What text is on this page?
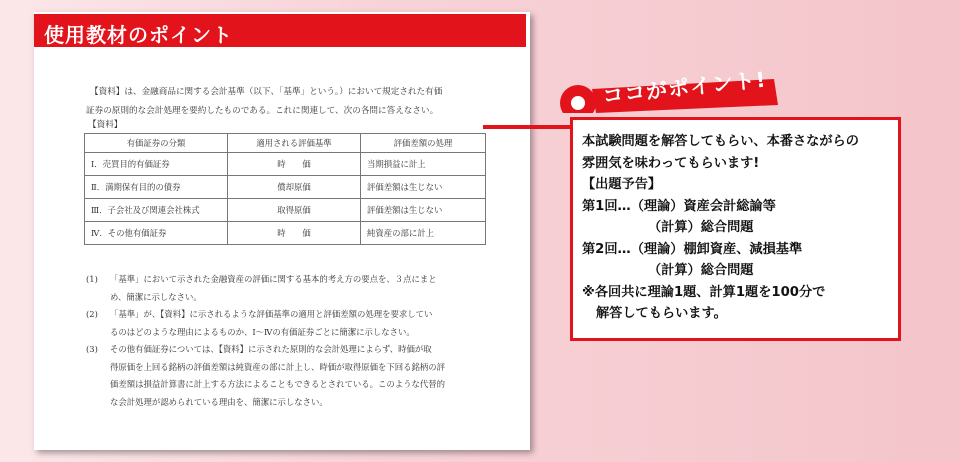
使用教材のポイント

【資料】は、金融商品に関する会計基準（以下、「基準」という。）において規定された有価

証券の原則的な会計処理を要約したものである。これに関連して、次の各問に答えなさい。

【資料】
有価証券の分類	適用される評価基準	評価差額の処理
Ⅰ．売買目的有価証券	時　　価	当期損益に計上
Ⅱ．満期保有目的の債券	償却原価	評価差額は生じない
Ⅲ．子会社及び関連会社株式	取得原価	評価差額は生じない
Ⅳ．その他有価証券	時　　価	純資産の部に計上
(1)	「基準」において示された金融資産の評価に関する基本的考え方の要点を、３点にまと
め、簡潔に示しなさい。
(2)	「基準」が、【資料】に示されるような評価基準の適用と評価差額の処理を要求してい
るのはどのような理由によるものか、Ⅰ～Ⅳの有価証券ごとに簡潔に示しなさい。
(3)	その他有価証券については、【資料】に示された原則的な会計処理によらず、時価が取
得原価を上回る銘柄の評価差額は純資産の部に計上し、時価が取得原価を下回る銘柄の評
価差額は損益計算書に計上する方法によることもできるとされている。このような代替的
な会計処理が認められている理由を、簡潔に示しなさい。
ココがポイント!
本試験問題を解答してもらい、本番さながらの
雰囲気を味わってもらいます!
【出題予告】
第1回…（理論）資産会計総論等
（計算）総合問題
第2回…（理論）棚卸資産、減損基準
（計算）総合問題
※各回共に理論1題、計算1題を100分で
解答してもらいます。
